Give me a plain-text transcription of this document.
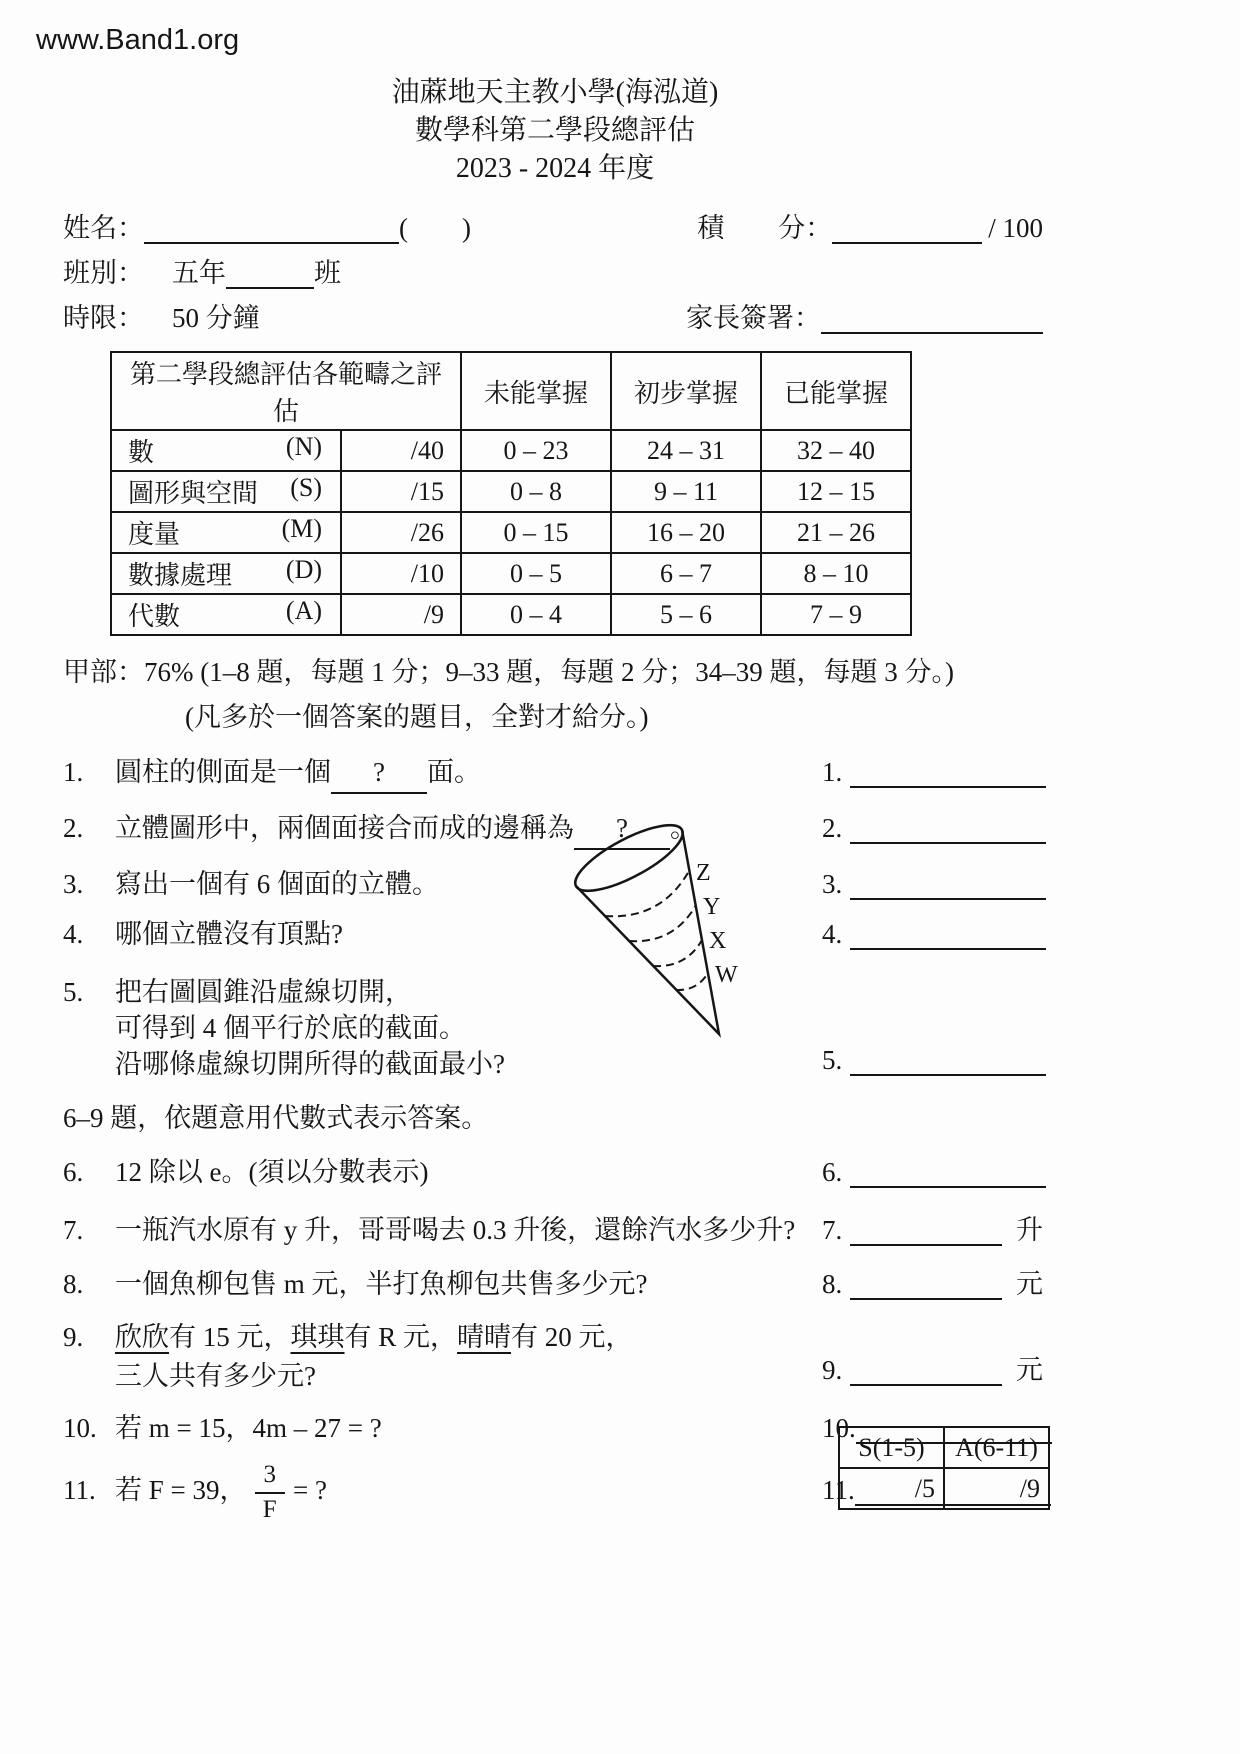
www.Band1.org
油蔴地天主教小學(海泓道)
數學科第二學段總評估
2023 - 2024 年度
姓名：	( )	積　　分：	/ 100
班別： 五年	班
時限： 50 分鐘	家長簽署：
第二學段總評估各範疇之評估		未能掌握	初步掌握	已能掌握

數 (N)	/40	0 – 23	24 – 31	32 – 40

圖形與空間 (S)	/15	0 – 8	9 – 11	12 – 15

度量 (M)	/26	0 – 15	16 – 20	21 – 26

數據處理 (D)	/10	0 – 5	6 – 7	8 – 10

代數 (A)	/9	0 – 4	5 – 6	7 – 9
甲部：76% (1–8 題，每題 1 分；9–33 題，每題 2 分；34–39 題，每題 3 分。)
(凡多於一個答案的題目，全對才給分。)
1. 圓柱的側面是一個 ? 面。	1.
2. 立體圖形中，兩個面接合而成的邊稱為 ? 。	2.
3. 寫出一個有 6 個面的立體。	3.
4. 哪個立體沒有頂點?	4.
5. 把右圖圓錐沿虛線切開，
可得到 4 個平行於底的截面。
沿哪條虛線切開所得的截面最小?	5.
6–9 題，依題意用代數式表示答案。
6. 12 除以 e。(須以分數表示)	6.
7. 一瓶汽水原有 y 升，哥哥喝去 0.3 升後，還餘汽水多少升? 7.	升
8. 一個魚柳包售 m 元，半打魚柳包共售多少元?	8.	元
9. 欣欣有 15 元，琪琪有 R 元，晴晴有 20 元，
三人共有多少元?	9.	元
10. 若 m = 15，4m – 27 = ?	10.
11. 若 F = 39， $\frac{3}{F}$ = ?	11.
Z
Y
X
W
S(1-5)	A(6-11)
/5	/9
